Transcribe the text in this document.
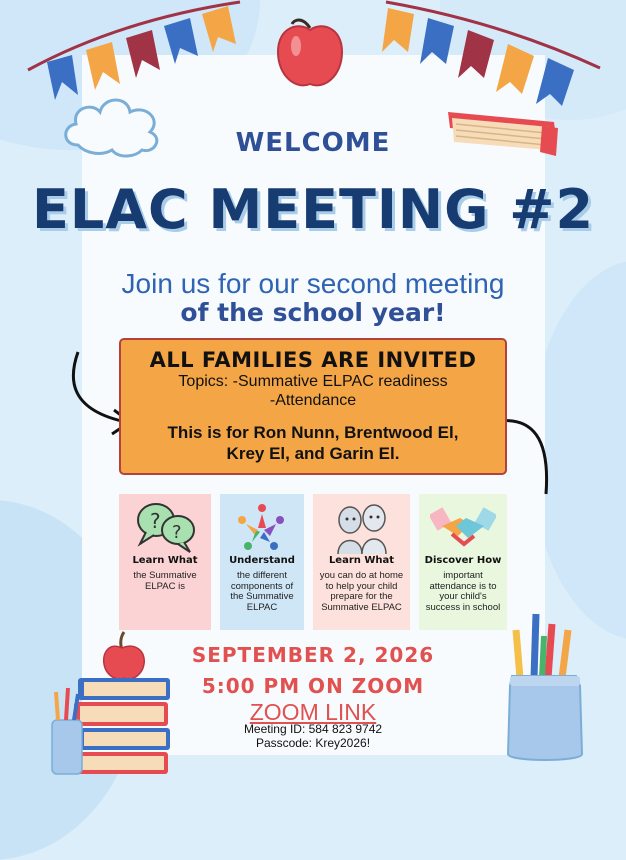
WELCOME
ELAC MEETING #2
Join us for our second meeting
of the school year!
ALL FAMILIES ARE INVITED
Topics: -Summative ELPAC readiness
-Attendance
This is for Ron Nunn, Brentwood El,
Krey El, and Garin El.
? ?
Learn What
the Summative ELPAC is
Understand
the different components of the Summative ELPAC
Learn What
you can do at home to help your child prepare for the Summative ELPAC
Discover How
important attendance is to your child's success in school
SEPTEMBER 2, 2026
5:00 PM ON ZOOM
ZOOM LINK
Meeting ID: 584 823 9742
Passcode: Krey2026!
